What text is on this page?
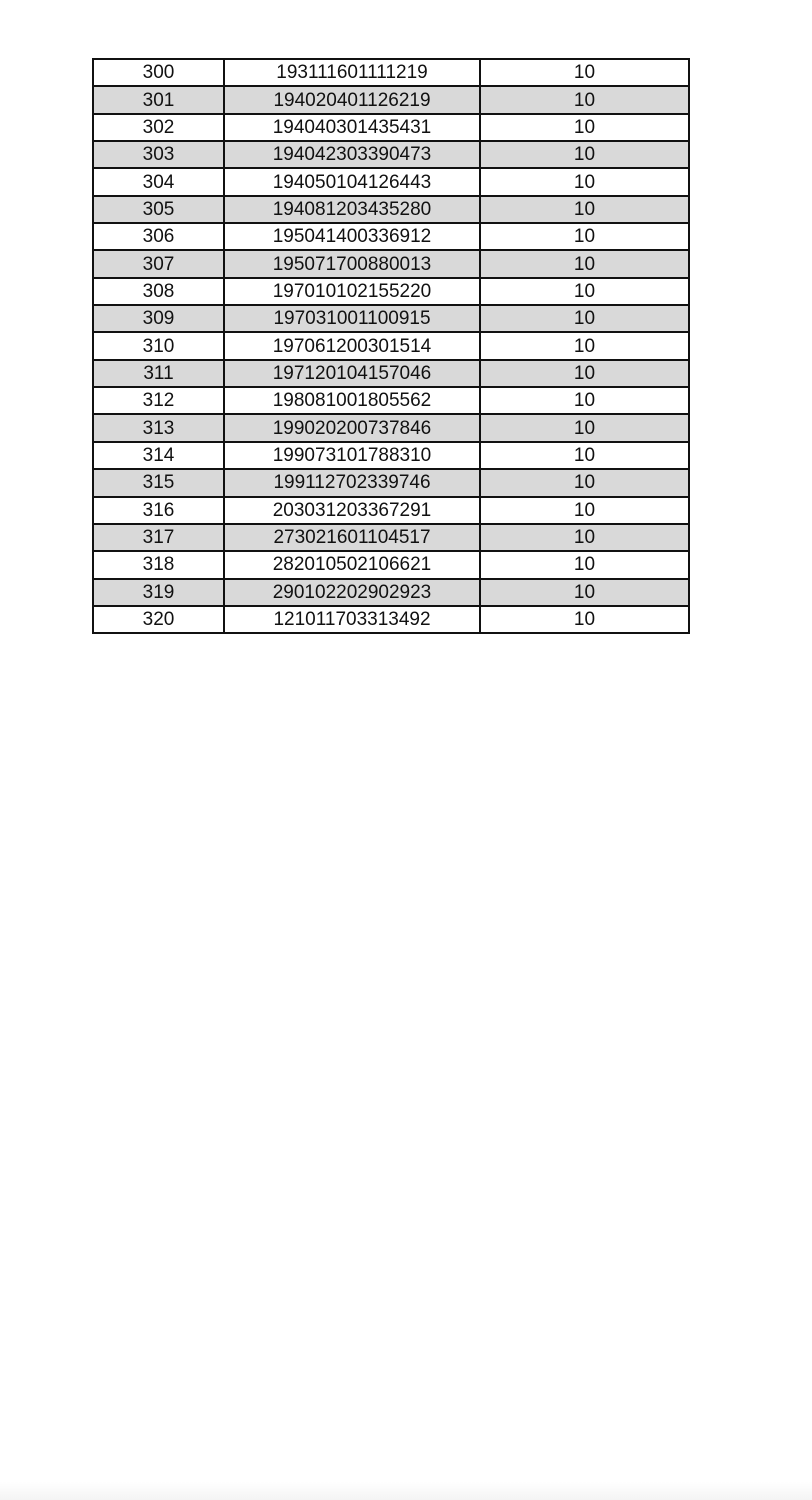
300	193111601111219	10
301	194020401126219	10
302	194040301435431	10
303	194042303390473	10
304	194050104126443	10
305	194081203435280	10
306	195041400336912	10
307	195071700880013	10
308	197010102155220	10
309	197031001100915	10
310	197061200301514	10
311	197120104157046	10
312	198081001805562	10
313	199020200737846	10
314	199073101788310	10
315	199112702339746	10
316	203031203367291	10
317	273021601104517	10
318	282010502106621	10
319	290102202902923	10
320	121011703313492	10
